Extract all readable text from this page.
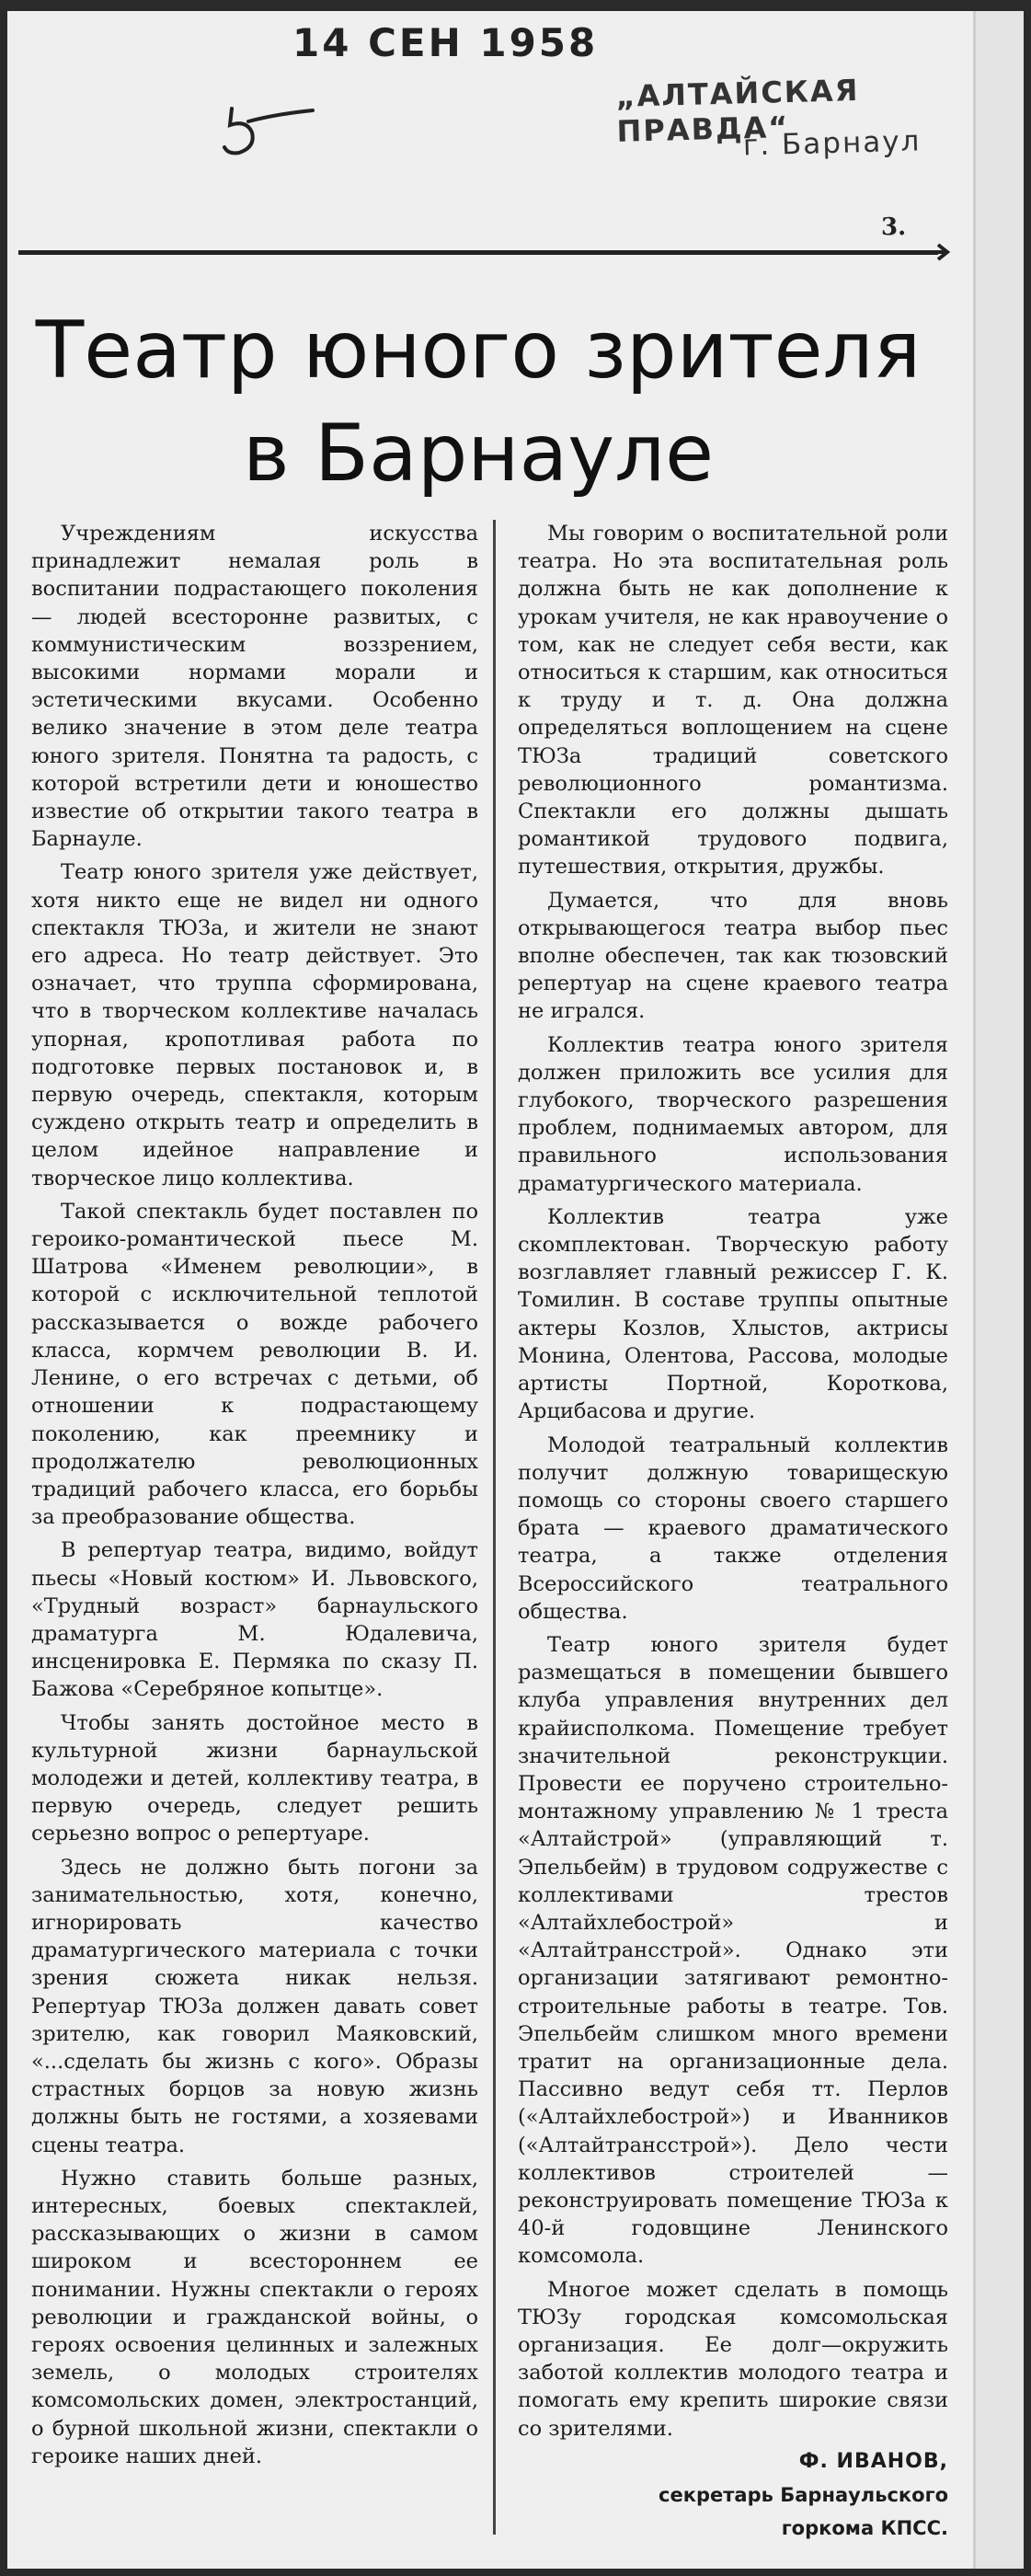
14 СЕН 1958
„АЛТАЙСКАЯ ПРАВДА“
г. Барнаул
3.
Театр юного зрителя
в Барнауле

Учреждениям искусства принадлежит немалая роль в воспитании подрастающего поколения — людей всесторонне развитых, с коммунистическим воззрением, высокими нормами морали и эстетическими вкусами. Особенно велико значение в этом деле театра юного зрителя. Понятна та радость, с которой встретили дети и юношество известие об открытии такого театра в Барнауле.

Театр юного зрителя уже действует, хотя никто еще не видел ни одного спектакля ТЮЗа, и жители не знают его адреса. Но театр действует. Это означает, что труппа сформирована, что в творческом коллективе началась упорная, кропотливая работа по подготовке первых постановок и, в первую очередь, спектакля, которым суждено открыть театр и определить в целом идейное направление и творческое лицо коллектива.

Такой спектакль будет поставлен по героико-романтической пьесе М. Шатрова «Именем революции», в которой с исключительной теплотой рассказывается о вожде рабочего класса, кормчем революции В. И. Ленине, о его встречах с детьми, об отношении к подрастающему поколению, как преемнику и продолжателю революционных традиций рабочего класса, его борьбы за преобразование общества.

В репертуар театра, видимо, войдут пьесы «Новый костюм» И. Львовского, «Трудный возраст» барнаульского драматурга М. Юдалевича, инсценировка Е. Пермяка по сказу П. Бажова «Серебряное копытце».

Чтобы занять достойное место в культурной жизни барнаульской молодежи и детей, коллективу театра, в первую очередь, следует решить серьезно вопрос о репертуаре.

Здесь не должно быть погони за занимательностью, хотя, конечно, игнорировать качество драматургического материала с точки зрения сюжета никак нельзя. Репертуар ТЮЗа должен давать совет зрителю, как говорил Маяковский, «...сделать бы жизнь с кого». Образы страстных борцов за новую жизнь должны быть не гостями, а хозяевами сцены театра.

Нужно ставить больше разных, интересных, боевых спектаклей, рассказывающих о жизни в самом широком и всестороннем ее понимании. Нужны спектакли о героях революции и гражданской войны, о героях освоения целинных и залежных земель, о молодых строителях комсомольских домен, электростанций, о бурной школьной жизни, спектакли о героике наших дней.

Мы говорим о воспитательной роли театра. Но эта воспитательная роль должна быть не как дополнение к урокам учителя, не как нравоучение о том, как не следует себя вести, как относиться к старшим, как относиться к труду и т. д. Она должна определяться воплощением на сцене ТЮЗа традиций советского революционного романтизма. Спектакли его должны дышать романтикой трудового подвига, путешествия, открытия, дружбы.

Думается, что для вновь открывающегося театра выбор пьес вполне обеспечен, так как тюзовский репертуар на сцене краевого театра не игрался.

Коллектив театра юного зрителя должен приложить все усилия для глубокого, творческого разрешения проблем, поднимаемых автором, для правильного использования драматургического материала.

Коллектив театра уже скомплектован. Творческую работу возглавляет главный режиссер Г. К. Томилин. В составе труппы опытные актеры Козлов, Хлыстов, актрисы Монина, Олентова, Рассова, молодые артисты Портной, Короткова, Арцибасова и другие.

Молодой театральный коллектив получит должную товарищескую помощь со стороны своего старшего брата — краевого драматического театра, а также отделения Всероссийского театрального общества.

Театр юного зрителя будет размещаться в помещении бывшего клуба управления внутренних дел крайисполкома. Помещение требует значительной реконструкции. Провести ее поручено строительно-монтажному управлению № 1 треста «Алтайстрой» (управляющий т. Эпельбейм) в трудовом содружестве с коллективами трестов «Алтайхлебострой» и «Алтайтрансстрой». Однако эти организации затягивают ремонтно-строительные работы в театре. Тов. Эпельбейм слишком много времени тратит на организационные дела. Пассивно ведут себя тт. Перлов («Алтайхлебострой») и Иванников («Алтайтрансстрой»). Дело чести коллективов строителей — реконструировать помещение ТЮЗа к 40-й годовщине Ленинского комсомола.

Многое может сделать в помощь ТЮЗу городская комсомольская организация. Ее долг—окружить заботой коллектив молодого театра и помогать ему крепить широкие связи со зрителями.

Ф. ИВАНОВ,

секретарь Барнаульского

горкома КПСС.
